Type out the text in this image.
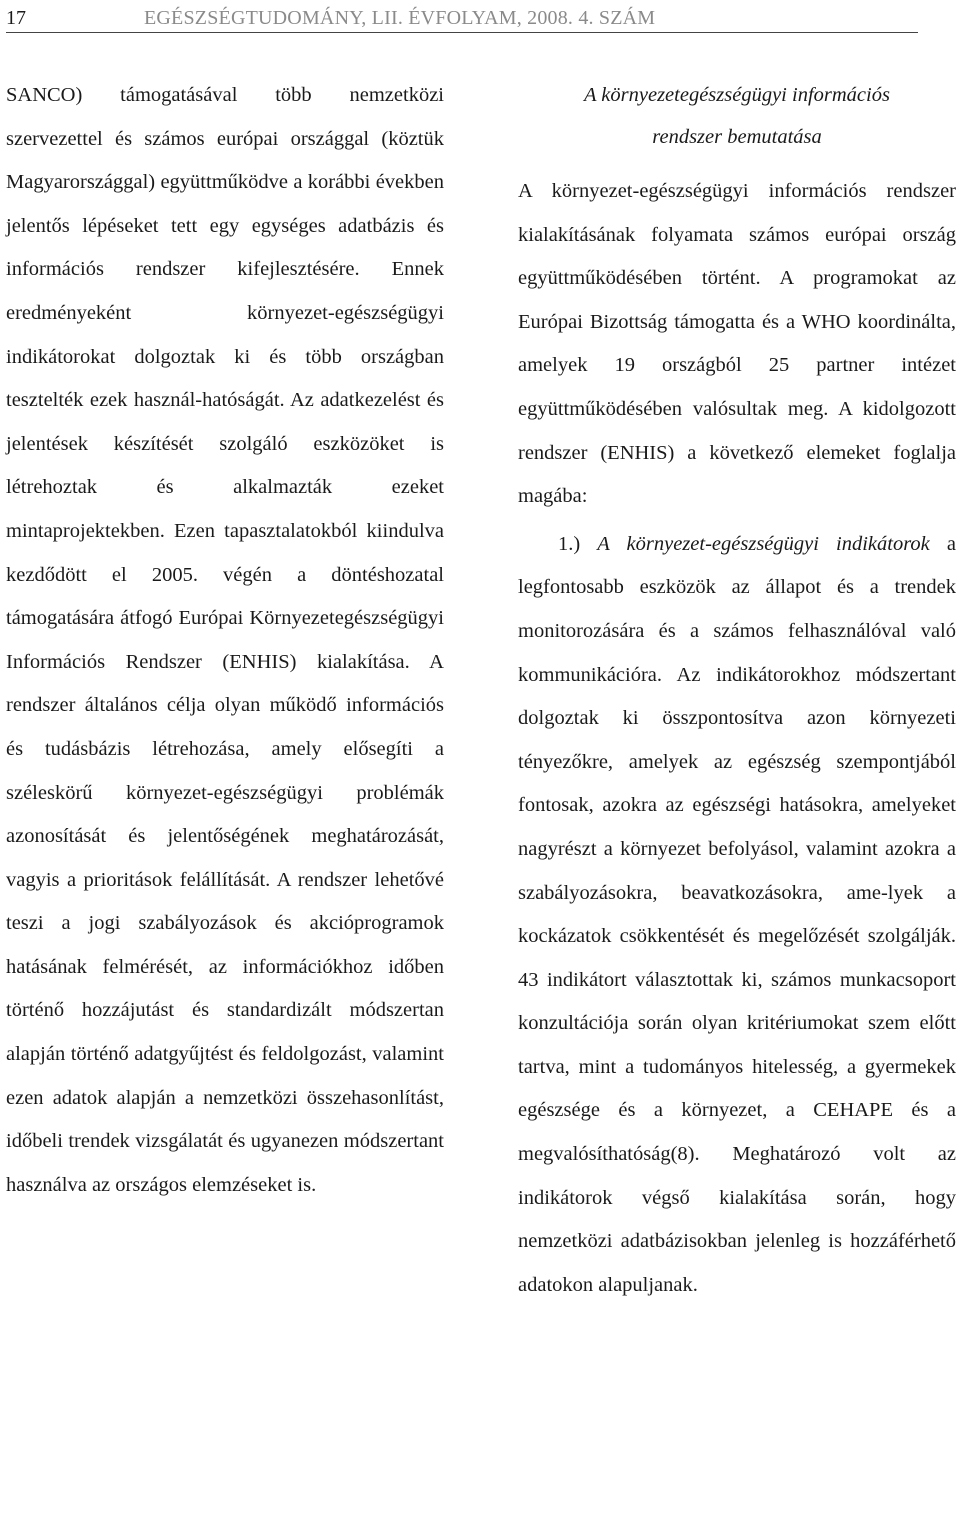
17	EGÉSZSÉGTUDOMÁNY, LII. ÉVFOLYAM, 2008. 4. SZÁM

SANCO) támogatásával több nemzetközi szervezettel és számos európai országgal (köztük Magyarországgal) együttműködve a korábbi években jelentős lépéseket tett egy egységes adatbázis és információs rendszer kifejlesztésére. Ennek eredményeként környezet-egészségügyi indikátorokat dolgoztak ki és több országban tesztelték ezek használ-hatóságát. Az adatkezelést és jelentések készítését szolgáló eszközöket is létrehoztak és alkalmazták ezeket mintaprojektekben. Ezen tapasztalatokból kiindulva kezdődött el 2005. végén a döntéshozatal támogatására átfogó Európai Környezetegészségügyi Információs Rendszer (ENHIS) kialakítása. A rendszer általános célja olyan működő információs és tudásbázis létrehozása, amely elősegíti a széleskörű környezet-egészségügyi problémák azonosítását és jelentőségének meghatározását, vagyis a prioritások felállítását. A rendszer lehetővé teszi a jogi szabályozások és akcióprogramok hatásának felmérését, az információkhoz időben történő hozzájutást és standardizált módszertan alapján történő adatgyűjtést és feldolgozást, valamint ezen adatok alapján a nemzetközi összehasonlítást, időbeli trendek vizsgálatát és ugyanezen módszertant használva az országos elemzéseket is.

A környezetegészségügyi információs
rendszer bemutatása

A környezet-egészségügyi információs rendszer kialakításának folyamata számos európai ország együttműködésében történt. A programokat az Európai Bizottság támogatta és a WHO koordinálta, amelyek 19 országból 25 partner intézet együttműködésében valósultak meg. A kidolgozott rendszer (ENHIS) a következő elemeket foglalja magába:

1.) A környezet-egészségügyi indikátorok a legfontosabb eszközök az állapot és a trendek monitorozására és a számos felhasználóval való kommunikációra. Az indikátorokhoz módszertant dolgoztak ki összpontosítva azon környezeti tényezőkre, amelyek az egészség szempontjából fontosak, azokra az egészségi hatásokra, amelyeket nagyrészt a környezet befolyásol, valamint azokra a szabályozásokra, beavatkozásokra, ame-lyek a kockázatok csökkentését és megelőzését szolgálják. 43 indikátort választottak ki, számos munkacsoport konzultációja során olyan kritériumokat szem előtt tartva, mint a tudományos hitelesség, a gyermekek egészsége és a környezet, a CEHAPE és a megvalósíthatóság(8). Meghatározó volt az indikátorok végső kialakítása során, hogy nemzetközi adatbázisokban jelenleg is hozzáférhető adatokon alapuljanak.
